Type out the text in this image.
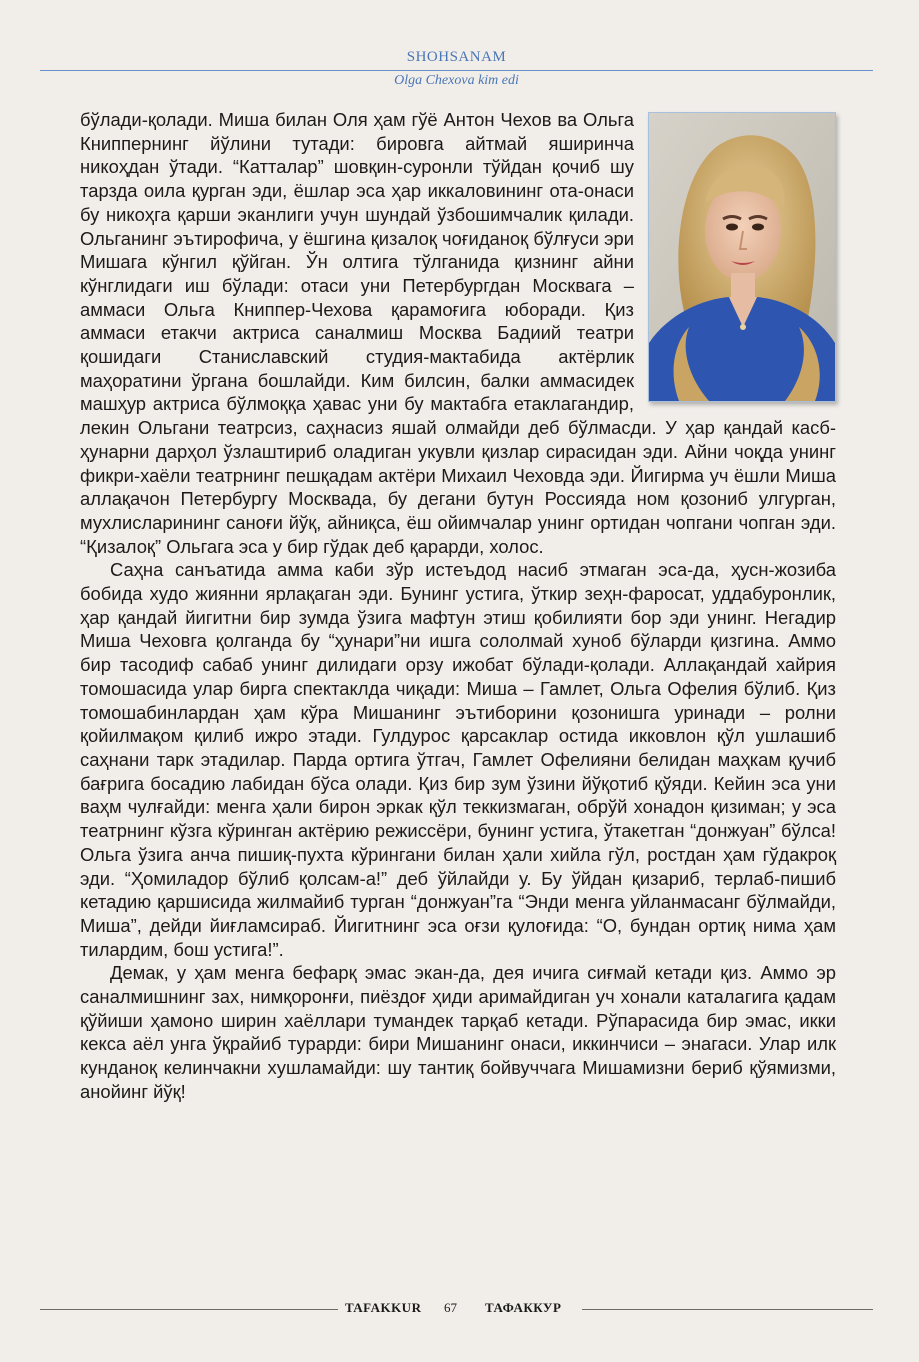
SHOHSANAM
Olga Chexova kim edi

бўлади-қолади. Миша билан Оля ҳам гўё Антон Чехов ва Ольга Книппернинг йўлини тутади: бировга айтмай яширинча никоҳдан ўтади. “Катталар” шовқин-суронли тўйдан қочиб шу тарзда оила қурган эди, ёшлар эса ҳар иккаловининг ота-онаси бу никоҳга қарши эканлиги учун шундай ўзбошимчалик қилади. Ольганинг эътирофича, у ёшгина қизалоқ чоғиданоқ бўлғуси эри Мишага кўнгил қўйган. Ўн олтига тўлганида қизнинг айни кўнглидаги иш бўлади: отаси уни Петербургдан Москвага – аммаси Ольга Книппер-Чехова қарамоғига юборади. Қиз аммаси етакчи актриса саналмиш Москва Бадиий театри қошидаги Станиславский студия-мактабида актёрлик маҳоратини ўргана бошлайди. Ким билсин, балки аммасидек машҳур актриса бўлмоққа ҳавас уни бу мактабга етаклагандир, лекин Ольгани театрсиз, саҳнасиз яшай олмайди деб бўлмасди. У ҳар қандай касб-ҳунарни дарҳол ўзлаштириб оладиган укувли қизлар сирасидан эди. Айни чоқда унинг фикри-хаёли театрнинг пешқадам актёри Михаил Чеховда эди. Йигирма уч ёшли Миша аллақачон Петербургу Москвада, бу дегани бутун Россияда ном қозониб улгурган, мухлисларининг саноғи йўқ, айниқса, ёш ойимчалар унинг ортидан чопгани чопган эди. “Қизалоқ” Ольгага эса у бир гўдак деб қарарди, холос.

Саҳна санъатида амма каби зўр истеъдод насиб этмаган эса-да, ҳусн-жозиба бобида худо жиянни ярлақаган эди. Бунинг устига, ўткир зеҳн-фаросат, уддабуронлик, ҳар қандай йигитни бир зумда ўзига мафтун этиш қобилияти бор эди унинг. Негадир Миша Чеховга қолганда бу “ҳунари”ни ишга сололмай хуноб бўларди қизгина. Аммо бир тасодиф сабаб унинг дилидаги орзу ижобат бўлади-қолади. Аллақандай хайрия томошасида улар бирга спектаклда чиқади: Миша – Гамлет, Ольга Офелия бўлиб. Қиз томошабинлардан ҳам кўра Мишанинг эътиборини қозонишга уринади – ролни қойилмақом қилиб ижро этади. Гулдурос қарсаклар остида икковлон қўл ушлашиб саҳнани тарк этадилар. Парда ортига ўтгач, Гамлет Офелияни белидан маҳкам қучиб бағрига босадию лабидан бўса олади. Қиз бир зум ўзини йўқотиб қўяди. Кейин эса уни ваҳм чулғайди: менга ҳали бирон эркак қўл теккизмаган, обрўй хонадон қизиман; у эса театрнинг кўзга кўринган актёрию режиссёри, бунинг устига, ўтакетган “донжуан” бўлса! Ольга ўзига анча пишиқ-пухта кўрингани билан ҳали хийла гўл, ростдан ҳам гўдакроқ эди. “Ҳомиладор бўлиб қолсам-а!” деб ўйлайди у. Бу ўйдан қизариб, терлаб-пишиб кетадию қаршисида жилмайиб турган “донжуан”га “Энди менга уйланмасанг бўлмайди, Миша”, дейди йиғламсираб. Йигитнинг эса оғзи қулоғида: “О, бундан ортиқ нима ҳам тилардим, бош устига!”.

Демак, у ҳам менга бефарқ эмас экан-да, дея ичига сиғмай кетади қиз. Аммо эр саналмишнинг зах, нимқоронғи, пиёздоғ ҳиди аримайдиган уч хонали каталагига қадам қўйиши ҳамоно ширин хаёллари тумандек тарқаб кетади. Рўпарасида бир эмас, икки кекса аёл унга ўқрайиб турарди: бири Мишанинг онаси, иккинчиси – энагаси. Улар илк кунданоқ келинчакни хушламайди: шу тантиқ бойвуччага Мишамизни бериб қўямизми, анойинг йўқ!

TAFAKKUR 67 ТАФАККУР
